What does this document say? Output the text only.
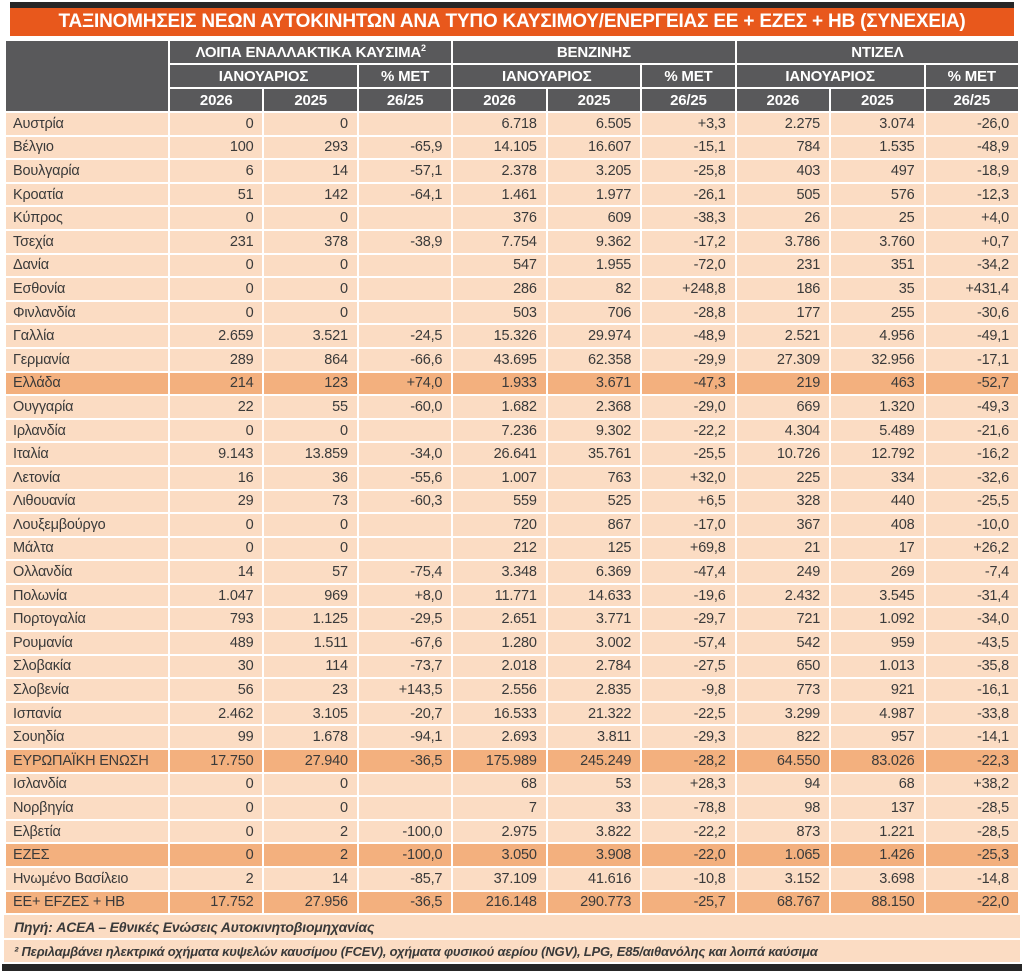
ΤΑΞΙΝΟΜΗΣΕΙΣ ΝΕΩΝ ΑΥΤΟΚΙΝΗΤΩΝ ΑΝΑ ΤΥΠΟ ΚΑΥΣΙΜΟΥ/ΕΝΕΡΓΕΙΑΣ ΕΕ + ΕΖΕΣ + ΗΒ (ΣΥΝΕΧΕΙΑ)
	ΛΟΙΠΑ ΕΝΑΛΛΑΚΤΙΚΑ ΚΑΥΣΙΜΑ$^2$			ΒΕΝΖΙΝΗΣ			ΝΤΙΖΕΛ		
	ΙΑΝΟΥΑΡΙΟΣ		% ΜΕΤ	ΙΑΝΟΥΑΡΙΟΣ		% ΜΕΤ	ΙΑΝΟΥΑΡΙΟΣ		% ΜΕΤ
	2026	2025	26/25	2026	2025	26/25	2026	2025	26/25
Αυστρία	0	0		6.718	6.505	+3,3	2.275	3.074	-26,0
Βέλγιο	100	293	-65,9	14.105	16.607	-15,1	784	1.535	-48,9
Βουλγαρία	6	14	-57,1	2.378	3.205	-25,8	403	497	-18,9
Κροατία	51	142	-64,1	1.461	1.977	-26,1	505	576	-12,3
Κύπρος	0	0		376	609	-38,3	26	25	+4,0
Τσεχία	231	378	-38,9	7.754	9.362	-17,2	3.786	3.760	+0,7
Δανία	0	0		547	1.955	-72,0	231	351	-34,2
Εσθονία	0	0		286	82	+248,8	186	35	+431,4
Φινλανδία	0	0		503	706	-28,8	177	255	-30,6
Γαλλία	2.659	3.521	-24,5	15.326	29.974	-48,9	2.521	4.956	-49,1
Γερμανία	289	864	-66,6	43.695	62.358	-29,9	27.309	32.956	-17,1
Ελλάδα	214	123	+74,0	1.933	3.671	-47,3	219	463	-52,7
Ουγγαρία	22	55	-60,0	1.682	2.368	-29,0	669	1.320	-49,3
Ιρλανδία	0	0		7.236	9.302	-22,2	4.304	5.489	-21,6
Ιταλία	9.143	13.859	-34,0	26.641	35.761	-25,5	10.726	12.792	-16,2
Λετονία	16	36	-55,6	1.007	763	+32,0	225	334	-32,6
Λιθουανία	29	73	-60,3	559	525	+6,5	328	440	-25,5
Λουξεμβούργο	0	0		720	867	-17,0	367	408	-10,0
Μάλτα	0	0		212	125	+69,8	21	17	+26,2
Ολλανδία	14	57	-75,4	3.348	6.369	-47,4	249	269	-7,4
Πολωνία	1.047	969	+8,0	11.771	14.633	-19,6	2.432	3.545	-31,4
Πορτογαλία	793	1.125	-29,5	2.651	3.771	-29,7	721	1.092	-34,0
Ρουμανία	489	1.511	-67,6	1.280	3.002	-57,4	542	959	-43,5
Σλοβακία	30	114	-73,7	2.018	2.784	-27,5	650	1.013	-35,8
Σλοβενία	56	23	+143,5	2.556	2.835	-9,8	773	921	-16,1
Ισπανία	2.462	3.105	-20,7	16.533	21.322	-22,5	3.299	4.987	-33,8
Σουηδία	99	1.678	-94,1	2.693	3.811	-29,3	822	957	-14,1
ΕΥΡΩΠΑΪΚΗ ΕΝΩΣΗ	17.750	27.940	-36,5	175.989	245.249	-28,2	64.550	83.026	-22,3
Ισλανδία	0	0		68	53	+28,3	94	68	+38,2
Νορβηγία	0	0		7	33	-78,8	98	137	-28,5
Ελβετία	0	2	-100,0	2.975	3.822	-22,2	873	1.221	-28,5
ΕΖΕΣ	0	2	-100,0	3.050	3.908	-22,0	1.065	1.426	-25,3
Ηνωμένο Βασίλειο	2	14	-85,7	37.109	41.616	-10,8	3.152	3.698	-14,8
ΕΕ+ ΕFΖΕΣ + ΗΒ	17.752	27.956	-36,5	216.148	290.773	-25,7	68.767	88.150	-22,0
Πηγή: ACEA – Εθνικές Ενώσεις Αυτοκινητοβιομηχανίας
² Περιλαμβάνει ηλεκτρικά οχήματα κυψελών καυσίμου (FCEV), οχήματα φυσικού αερίου (NGV), LPG, E85/αιθανόλης και λοιπά καύσιμα
